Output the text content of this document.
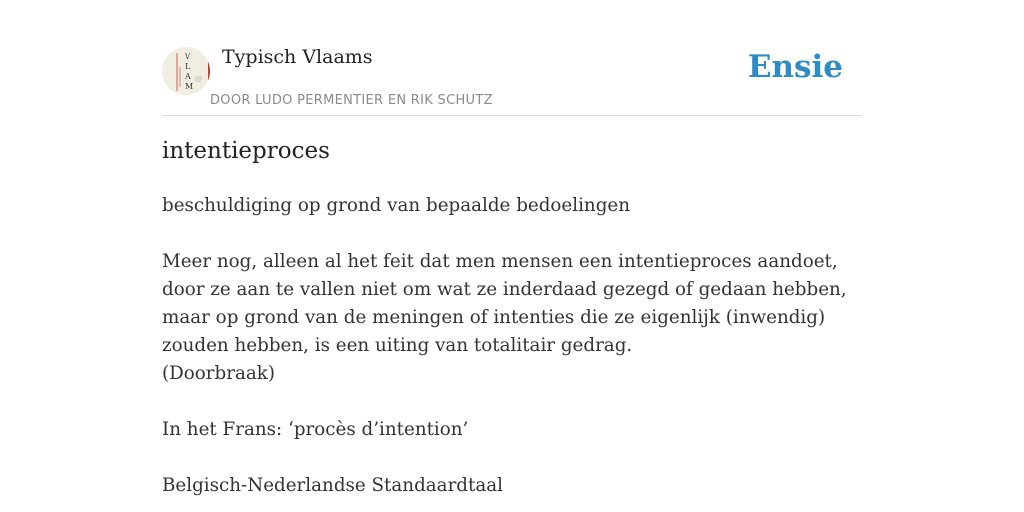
V
L
A
M
Typisch Vlaams
DOOR LUDO PERMENTIER EN RIK SCHUTZ
Ensie
intentieproces

beschuldiging op grond van bepaalde bedoelingen

Meer nog, alleen al het feit dat men mensen een intentieproces aandoet, door ze aan te vallen niet om wat ze inderdaad gezegd of gedaan hebben, maar op grond van de meningen of intenties die ze eigenlijk (inwendig) zouden hebben, is een uiting van totalitair gedrag.

(Doorbraak)

In het Frans: ‘procès d’intention’

Belgisch-Nederlandse Standaardtaal
